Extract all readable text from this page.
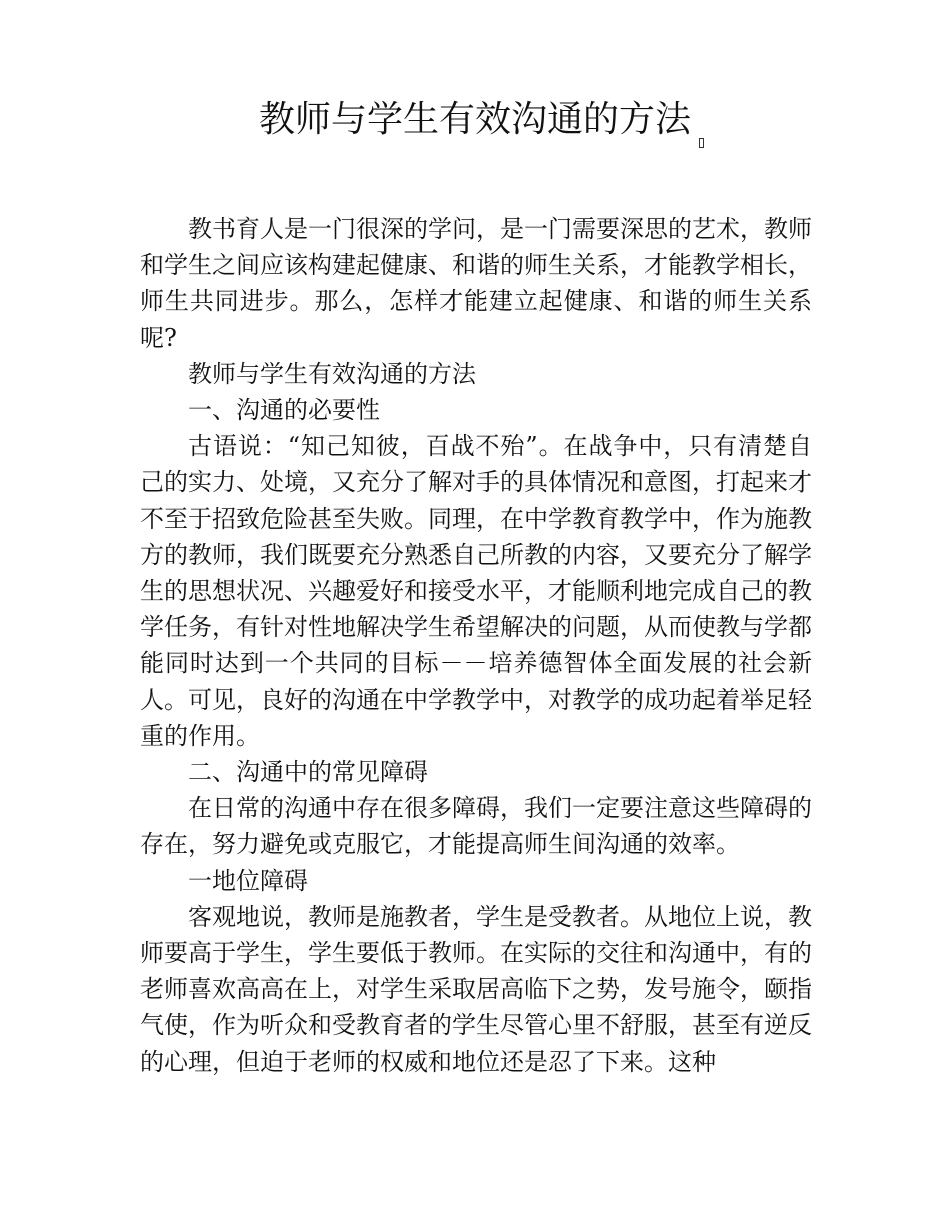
教师与学生有效沟通的方法

教书育人是一门很深的学问，是一门需要深思的艺术，教师和学生之间应该构建起健康、和谐的师生关系，才能教学相长，师生共同进步。那么，怎样才能建立起健康、和谐的师生关系呢?

教师与学生有效沟通的方法

一、沟通的必要性

古语说：“知己知彼，百战不殆”。在战争中，只有清楚自己的实力、处境，又充分了解对手的具体情况和意图，打起来才不至于招致危险甚至失败。同理，在中学教育教学中，作为施教方的教师，我们既要充分熟悉自己所教的内容，又要充分了解学生的思想状况、兴趣爱好和接受水平，才能顺利地完成自己的教学任务，有针对性地解决学生希望解决的问题，从而使教与学都能同时达到一个共同的目标－－培养德智体全面发展的社会新人。可见，良好的沟通在中学教学中，对教学的成功起着举足轻重的作用。

二、沟通中的常见障碍

在日常的沟通中存在很多障碍，我们一定要注意这些障碍的存在，努力避免或克服它，才能提高师生间沟通的效率。

一地位障碍

客观地说，教师是施教者，学生是受教者。从地位上说，教师要高于学生，学生要低于教师。在实际的交往和沟通中，有的老师喜欢高高在上，对学生采取居高临下之势，发号施令，颐指气使，作为听众和受教育者的学生尽管心里不舒服，甚至有逆反的心理，但迫于老师的权威和地位还是忍了下来。这种
